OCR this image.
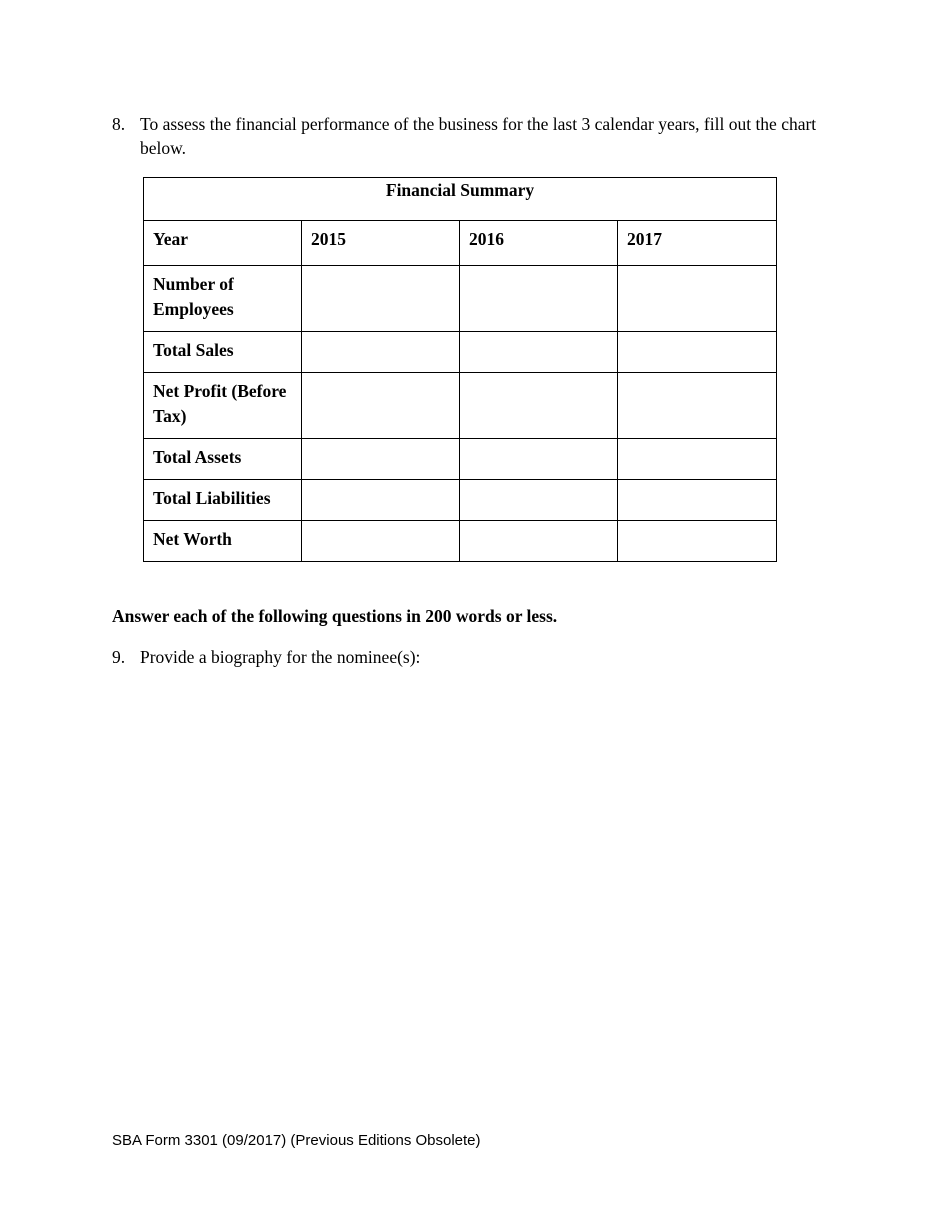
8. To assess the financial performance of the business for the last 3 calendar years, fill out the chart below.
Financial Summary			

Year	2015	2016	2017

Number of Employees			

Total Sales			

Net Profit (Before Tax)			

Total Assets			

Total Liabilities			

Net Worth			

Answer each of the following questions in 200 words or less.
9. Provide a biography for the nominee(s):
SBA Form 3301 (09/2017) (Previous Editions Obsolete)
